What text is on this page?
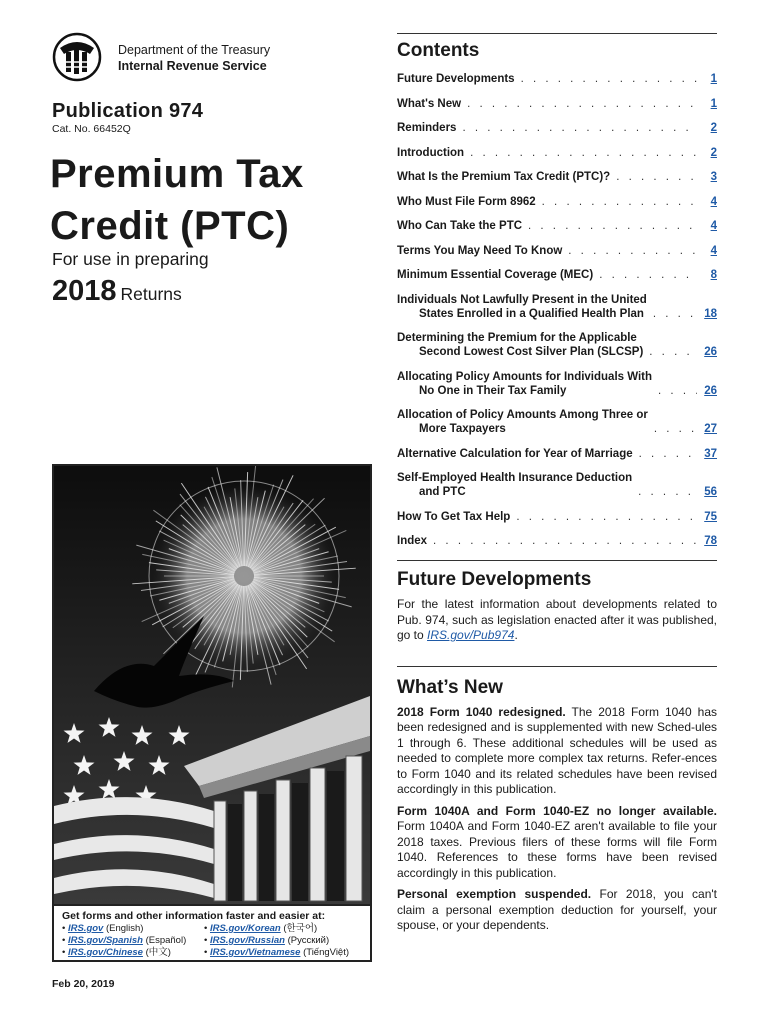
Department of the Treasury
Internal Revenue Service
Publication 974
Cat. No. 66452Q
Premium Tax
Credit (PTC)
For use in preparing
2018 Returns
Get forms and other information faster and easier at:
• IRS.gov (English)	• IRS.gov/Korean (한국어)
• IRS.gov/Spanish (Español)	• IRS.gov/Russian (Русский)
• IRS.gov/Chinese (中文)	• IRS.gov/Vietnamese (TiếngViệt)
Feb 20, 2019
Contents
Future Developments . . .	1
What's New . . .	1
Reminders . . .	2
Introduction . . .	2
What Is the Premium Tax Credit (PTC)? . . .	3
Who Must File Form 8962 . . .	4
Who Can Take the PTC . . .	4
Terms You May Need To Know . . .	4
Minimum Essential Coverage (MEC) . . .	8
Individuals Not Lawfully Present in the United
States Enrolled in a Qualified Health Plan . . .	18
Determining the Premium for the Applicable
Second Lowest Cost Silver Plan (SLCSP) . . .	26
Allocating Policy Amounts for Individuals With
No One in Their Tax Family . . .	26
Allocation of Policy Amounts Among Three or
More Taxpayers . . .	27
Alternative Calculation for Year of Marriage . . .	37
Self-Employed Health Insurance Deduction
and PTC . . .	56
How To Get Tax Help . . .	75
Index . . .	78
Future Developments

For the latest information about developments related to Pub. 974, such as legislation enacted after it was published, go to IRS.gov/Pub974.

What’s New

2018 Form 1040 redesigned. The 2018 Form 1040 has been redesigned and is supplemented with new Sched-ules 1 through 6. These additional schedules will be used as needed to complete more complex tax returns. Refer-ences to Form 1040 and its related schedules have been revised accordingly in this publication.

Form 1040A and Form 1040-EZ no longer available. Form 1040A and Form 1040-EZ aren't available to file your 2018 taxes. Previous filers of these forms will file Form 1040. References to these forms have been revised accordingly in this publication.

Personal exemption suspended. For 2018, you can't claim a personal exemption deduction for yourself, your spouse, or your dependents.
